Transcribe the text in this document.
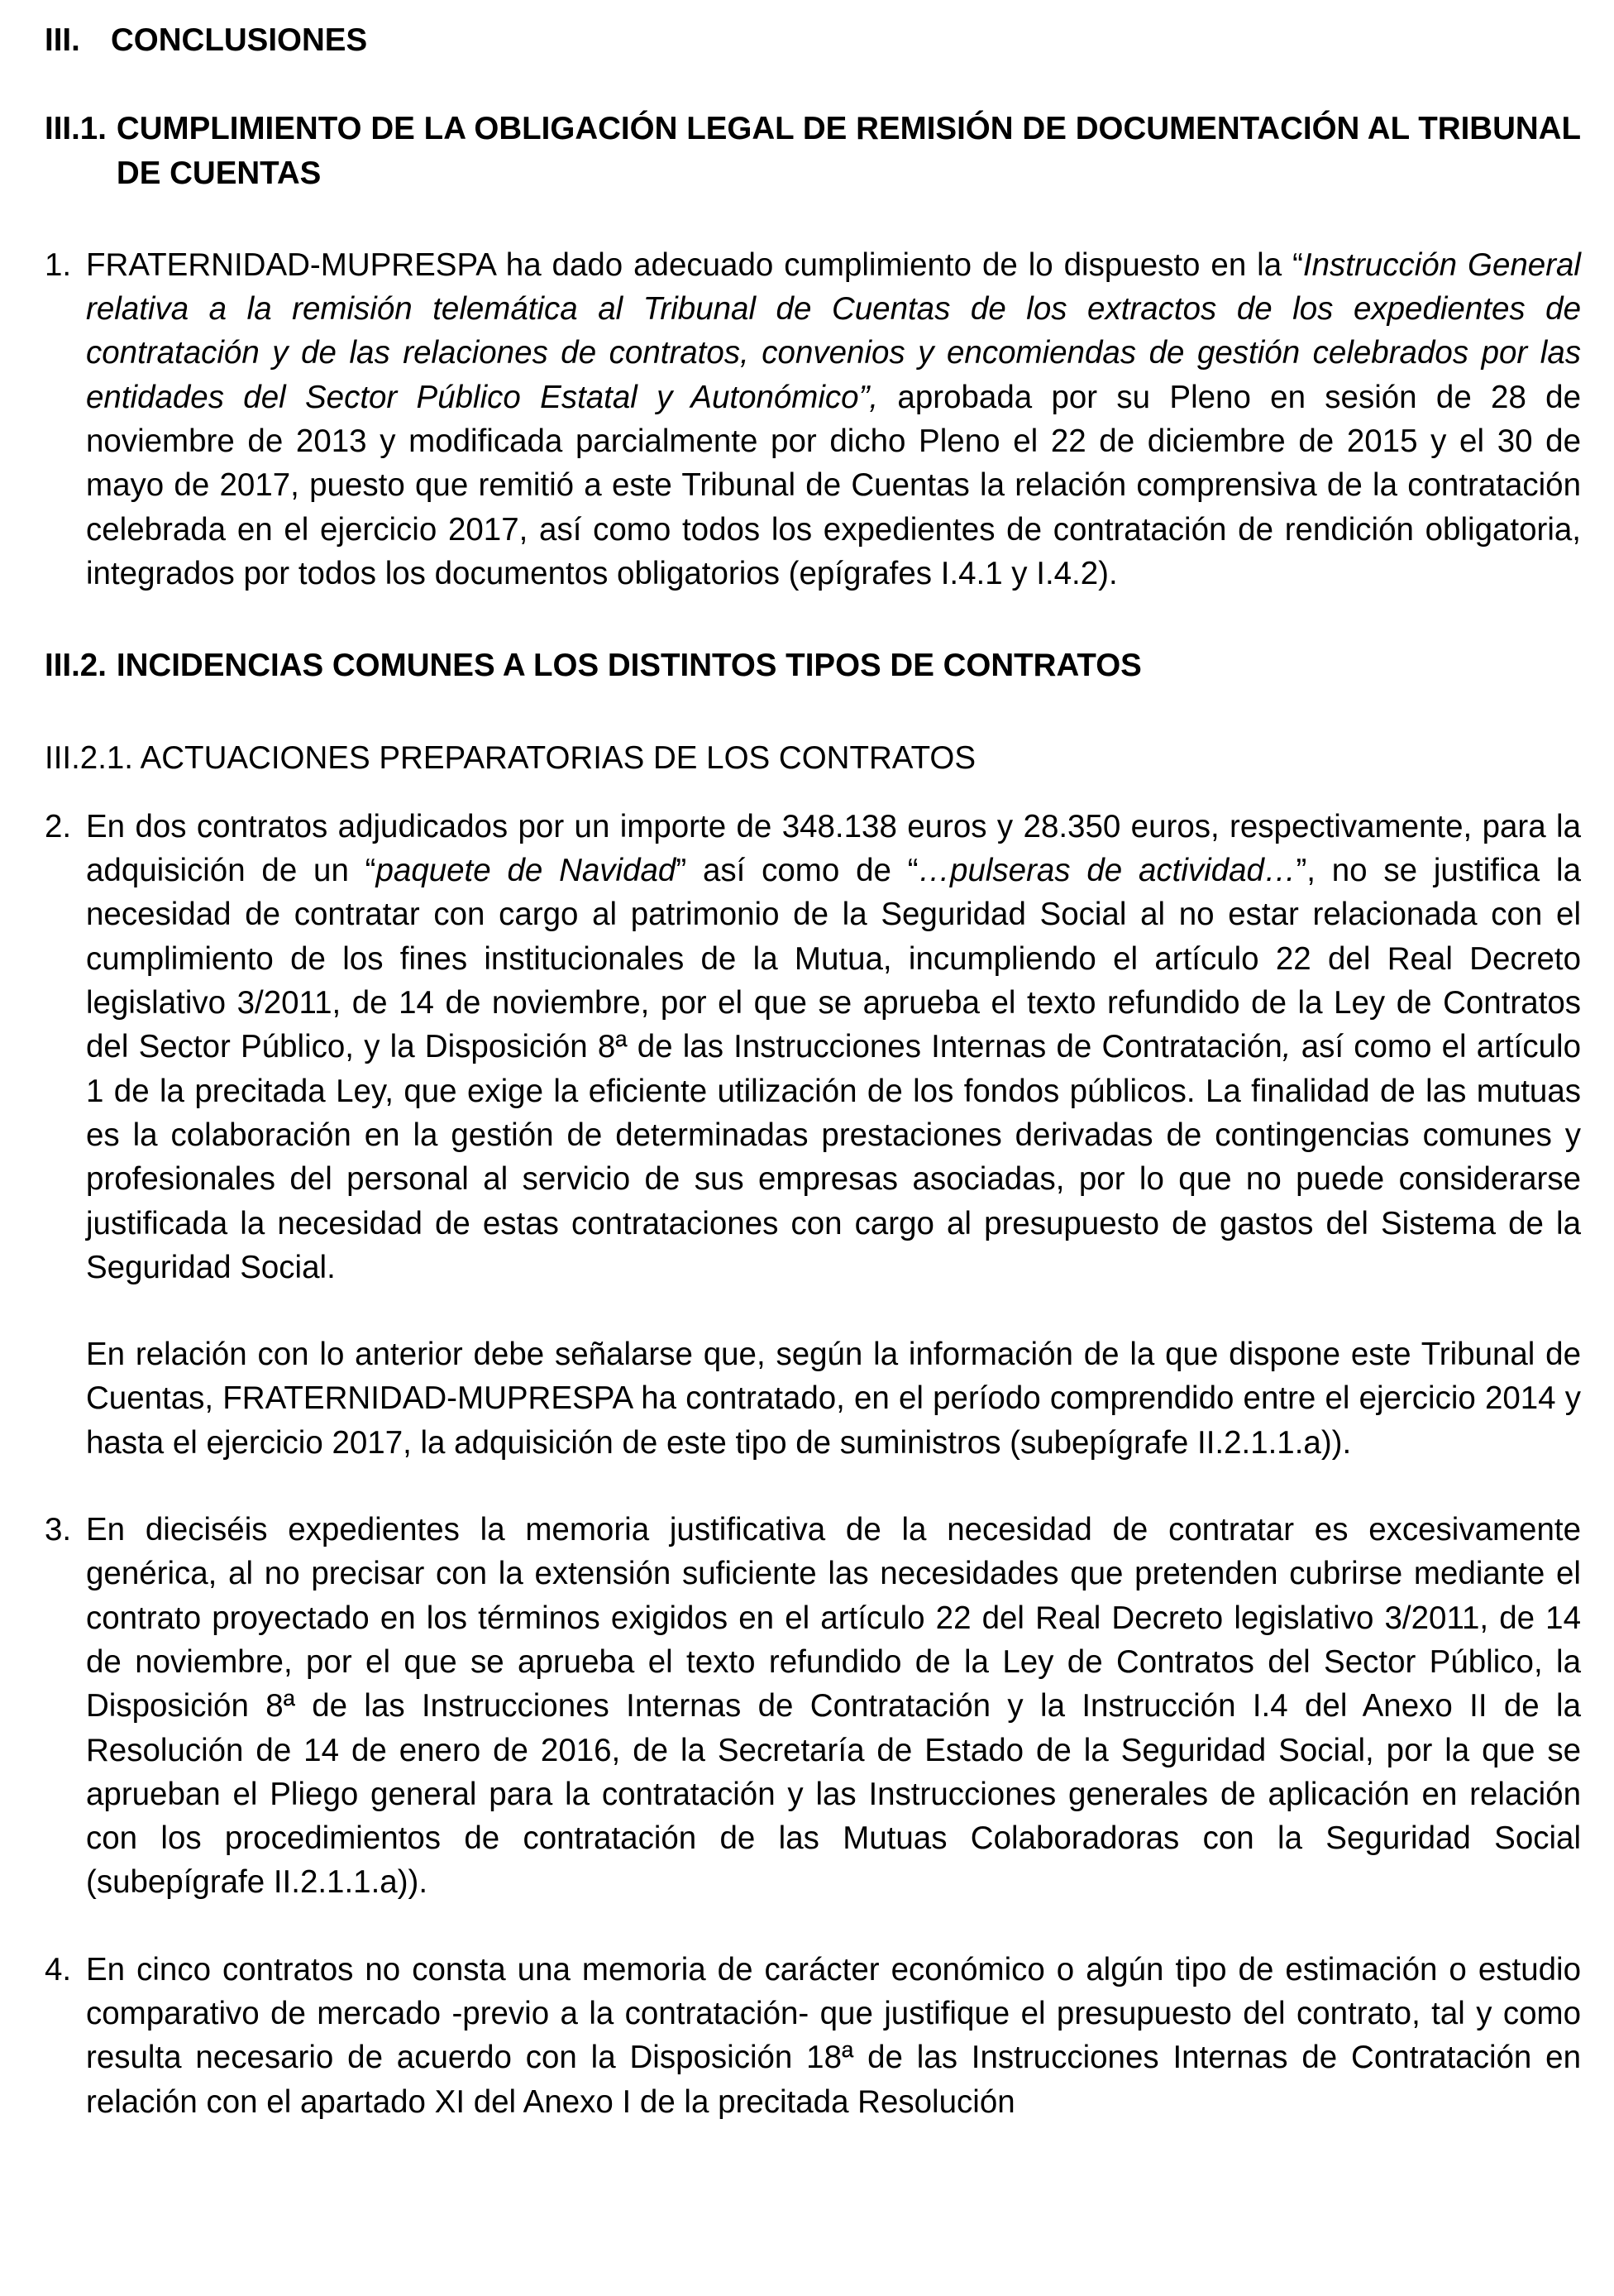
III. CONCLUSIONES
III.1. CUMPLIMIENTO DE LA OBLIGACIÓN LEGAL DE REMISIÓN DE DOCUMENTACIÓN AL TRIBUNAL DE CUENTAS
1. FRATERNIDAD-MUPRESPA ha dado adecuado cumplimiento de lo dispuesto en la “Instrucción General relativa a la remisión telemática al Tribunal de Cuentas de los extractos de los expedientes de contratación y de las relaciones de contratos, convenios y encomiendas de gestión celebrados por las entidades del Sector Público Estatal y Autonómico”, aprobada por su Pleno en sesión de 28 de noviembre de 2013 y modificada parcialmente por dicho Pleno el 22 de diciembre de 2015 y el 30 de mayo de 2017, puesto que remitió a este Tribunal de Cuentas la relación comprensiva de la contratación celebrada en el ejercicio 2017, así como todos los expedientes de contratación de rendición obligatoria, integrados por todos los documentos obligatorios (epígrafes I.4.1 y I.4.2).

III.2. INCIDENCIAS COMUNES A LOS DISTINTOS TIPOS DE CONTRATOS
III.2.1. ACTUACIONES PREPARATORIAS DE LOS CONTRATOS
2. En dos contratos adjudicados por un importe de 348.138 euros y 28.350 euros, respectivamente, para la adquisición de un “paquete de Navidad” así como de “…pulseras de actividad…”, no se justifica la necesidad de contratar con cargo al patrimonio de la Seguridad Social al no estar relacionada con el cumplimiento de los fines institucionales de la Mutua, incumpliendo el artículo 22 del Real Decreto legislativo 3/2011, de 14 de noviembre, por el que se aprueba el texto refundido de la Ley de Contratos del Sector Público, y la Disposición 8ª de las Instrucciones Internas de Contratación, así como el artículo 1 de la precitada Ley, que exige la eficiente utilización de los fondos públicos. La finalidad de las mutuas es la colaboración en la gestión de determinadas prestaciones derivadas de contingencias comunes y profesionales del personal al servicio de sus empresas asociadas, por lo que no puede considerarse justificada la necesidad de estas contrataciones con cargo al presupuesto de gastos del Sistema de la Seguridad Social.

En relación con lo anterior debe señalarse que, según la información de la que dispone este Tribunal de Cuentas, FRATERNIDAD-MUPRESPA ha contratado, en el período comprendido entre el ejercicio 2014 y hasta el ejercicio 2017, la adquisición de este tipo de suministros (subepígrafe II.2.1.1.a)).
3. En dieciséis expedientes la memoria justificativa de la necesidad de contratar es excesivamente genérica, al no precisar con la extensión suficiente las necesidades que pretenden cubrirse mediante el contrato proyectado en los términos exigidos en el artículo 22 del Real Decreto legislativo 3/2011, de 14 de noviembre, por el que se aprueba el texto refundido de la Ley de Contratos del Sector Público, la Disposición 8ª de las Instrucciones Internas de Contratación y la Instrucción I.4 del Anexo II de la Resolución de 14 de enero de 2016, de la Secretaría de Estado de la Seguridad Social, por la que se aprueban el Pliego general para la contratación y las Instrucciones generales de aplicación en relación con los procedimientos de contratación de las Mutuas Colaboradoras con la Seguridad Social (subepígrafe II.2.1.1.a)).
4. En cinco contratos no consta una memoria de carácter económico o algún tipo de estimación o estudio comparativo de mercado -previo a la contratación- que justifique el presupuesto del contrato, tal y como resulta necesario de acuerdo con la Disposición 18ª de las Instrucciones Internas de Contratación en relación con el apartado XI del Anexo I de la precitada Resolución
